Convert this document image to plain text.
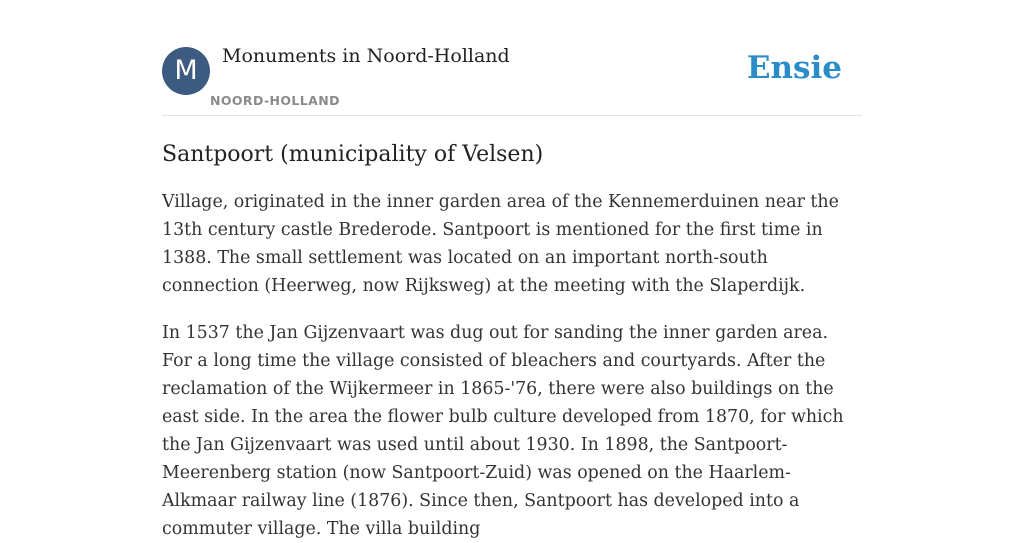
M	Monuments in Noord-Holland
NOORD-HOLLAND
Ensie
Santpoort (municipality of Velsen)

Village, originated in the inner garden area of the Kennemerduinen near the 13th century castle Brederode. Santpoort is mentioned for the first time in 1388. The small settlement was located on an important north-south connection (Heerweg, now Rijksweg) at the meeting with the Slaperdijk.

In 1537 the Jan Gijzenvaart was dug out for sanding the inner garden area. For a long time the village consisted of bleachers and courtyards. After the reclamation of the Wijkermeer in 1865-'76, there were also buildings on the east side. In the area the flower bulb culture developed from 1870, for which the Jan Gijzenvaart was used until about 1930. In 1898, the Santpoort-Meerenberg station (now Santpoort-Zuid) was opened on the Haarlem-Alkmaar railway line (1876). Since then, Santpoort has developed into a commuter village. The villa building
